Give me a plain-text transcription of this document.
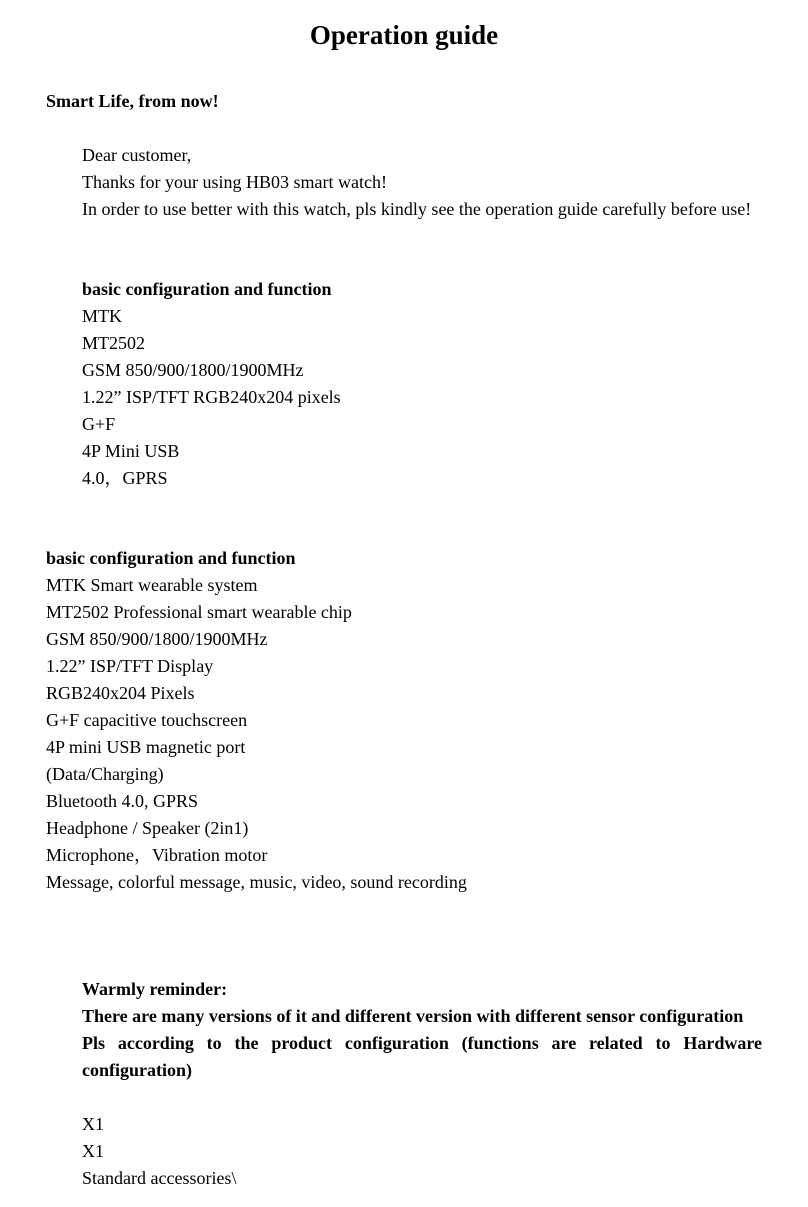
Operation guide
Smart Life, from now!
Dear customer,
Thanks for your using HB03 smart watch!
In order to use better with this watch, pls kindly see the operation guide carefully before use!
basic configuration and function
MTK
MT2502
GSM 850/900/1800/1900MHz
1.22” ISP/TFT RGB240x204 pixels
G+F
4P Mini USB
4.0，GPRS
basic configuration and function
MTK Smart wearable system
MT2502 Professional smart wearable chip
GSM 850/900/1800/1900MHz
1.22” ISP/TFT Display
RGB240x204 Pixels
G+F capacitive touchscreen
4P mini USB magnetic port
(Data/Charging)
Bluetooth 4.0, GPRS
Headphone / Speaker (2in1)
Microphone，Vibration motor
Message, colorful message, music, video, sound recording
Warmly reminder:
There are many versions of it and different version with different sensor configuration
Pls according to the product configuration (functions are related to Hardware
configuration)
X1
X1
Standard accessories\
